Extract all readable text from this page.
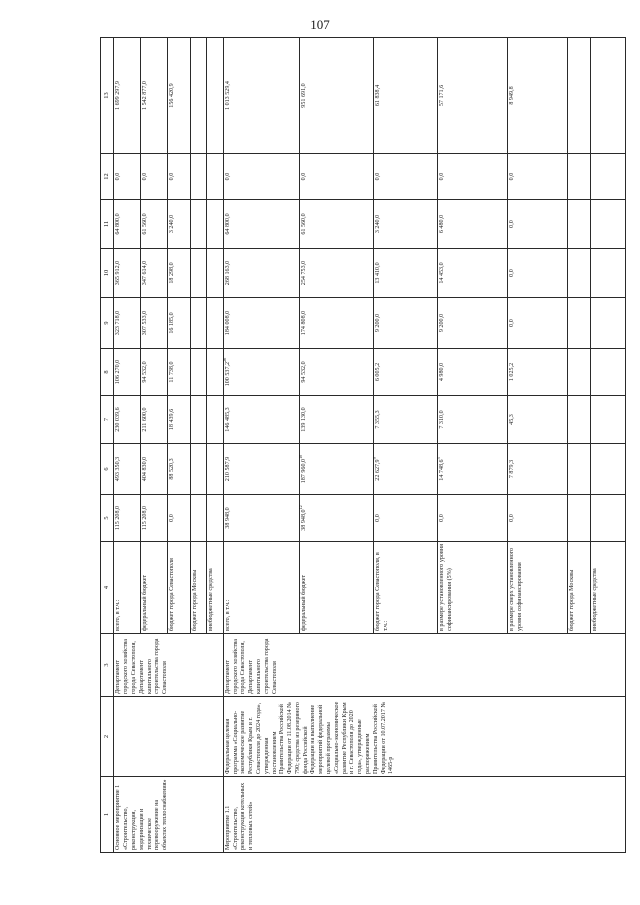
107
1	2	3	4	5	6	7	8	9	10	11	12	13
Основное мероприятие 1 «Строительство, реконструкция, модернизация и техническое перевооружение на объектах теплоснабжения»		Департамент городского хозяйства города Севастополя, Департамент капитального строительства города Севастополя	всего, в т.ч.:	115 208,0	493 350,3	230 039,6	106 270,0	323 718,0	365 912,0	64 800,0	0,0	1 699 297,9
			федеральный бюджет	115 208,0	404 830,0	211 600,0	94 532,0	307 533,0	347 614,0	61 560,0	0,0	1 542 877,0
			бюджет города Севастополя	0,0	88 520,3	18 439,6	11 738,0	16 185,0	18 298,0	3 240,0	0,0	156 420,9
			бюджет города Москвы									
			внебюджетные средства									
Мероприятие 1.1 «Строительство, реконструкция котельных и тепловых сетей»	Федеральная целевая программа «Социально-экономическое развитие Республики Крым и г. Севастополя до 2024 года», утвержденная постановлением Правительства Российской Федерации от 11.08.2014 № 790; средства из резервного фонда Российской Федерации на выполнение мероприятий федеральной целевой программы «Социально-экономическое развитие Республики Крым и г. Севастополя до 2020 года», утвержденные распоряжением Правительства Российской Федерации от 10.07.2017 № 1465-р	Департамент городского хозяйства города Севастополя, Департамент капитального строительства города Севастополя	всего, в т.ч.:	38 948,0	210 587,9	146 485,3	100 537,2$^{26}$	184 008,0	268 163,0	64 800,0	0,0	1 013 529,4
			федеральный бюджет	38 948,0$^{12}$	187 960,0$^{10}$	139 130,0	94 532,0	174 808,0	254 753,0	61 560,0	0,0	951 691,0
			бюджет города Севастополя, в т.ч.:	0,0	22 627,9$^9$	7 355,3	6 005,2	9 200,0	13 410,0	3 240,0	0,0	61 838,4
			в размере установленного уровня софинансирования (5%)	0,0	14 748,6$^3$	7 310,0	4 980,0	9 200,0	14 453,0	6 480,0	0,0	57 171,6
			в размере сверх установленного уровня софинансирования	0,0	7 879,3	45,3	1 025,2	0,0	0,0	0,0	0,0	8 949,8
			бюджет города Москвы									
			внебюджетные средства									
